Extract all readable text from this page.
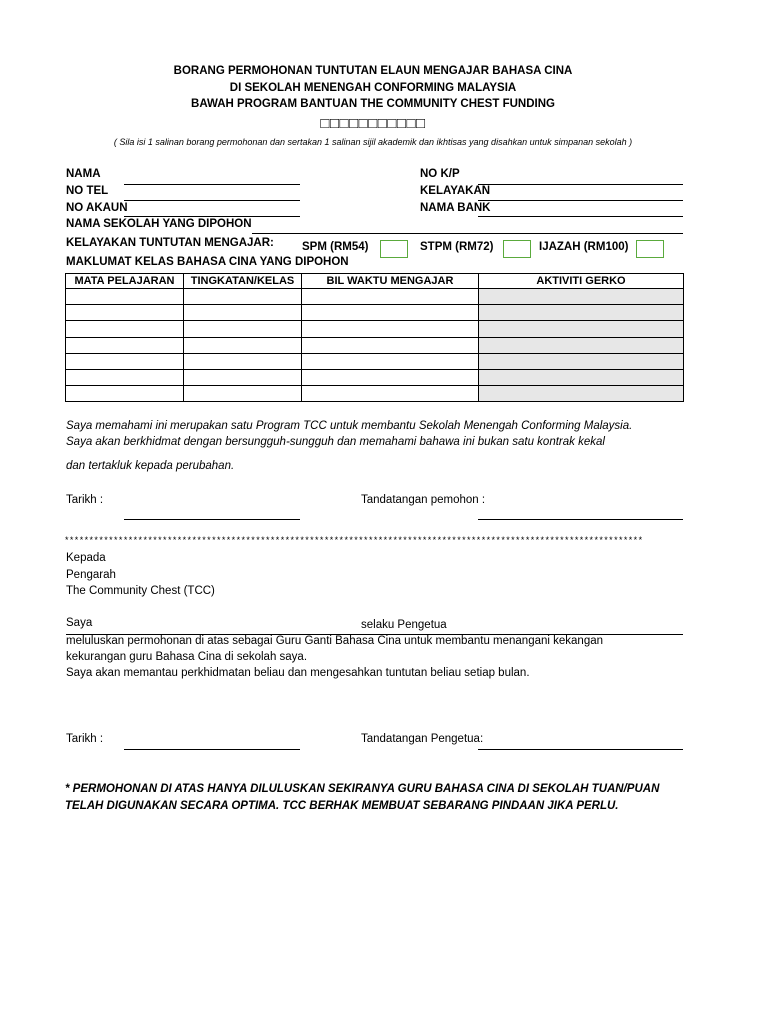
BORANG PERMOHONAN TUNTUTAN ELAUN MENGAJAR BAHASA CINA
DI SEKOLAH MENENGAH CONFORMING MALAYSIA
BAWAH PROGRAM BANTUAN THE COMMUNITY CHEST FUNDING
□□□□□□□□□□□
( Sila isi 1 salinan borang permohonan dan sertakan 1 salinan sijil akademik dan ikhtisas yang disahkan untuk simpanan sekolah )
NAMA	NO K/P
NO TEL	KELAYAKAN
NO AKAUN	NAMA BANK
NAMA SEKOLAH YANG DIPOHON
KELAYAKAN TUNTUTAN MENGAJAR: SPM (RM54)	STPM (RM72)	IJAZAH (RM100)
MAKLUMAT KELAS BAHASA CINA YANG DIPOHON
MATA PELAJARAN	TINGKATAN/KELAS	BIL WAKTU MENGAJAR	AKTIVITI GERKO

Saya memahami ini merupakan satu Program TCC untuk membantu Sekolah Menengah Conforming Malaysia.
Saya akan berkhidmat dengan bersungguh-sungguh dan memahami bahawa ini bukan satu kontrak kekal
dan tertakluk kepada perubahan.
Tarikh :	Tandatangan pemohon :
**********************************************************************************************************************
Kepada
Pengarah
The Community Chest (TCC)
Saya	selaku Pengetua
meluluskan permohonan di atas sebagai Guru Ganti Bahasa Cina untuk membantu menangani kekangan
kekurangan guru Bahasa Cina di sekolah saya.
Saya akan memantau perkhidmatan beliau dan mengesahkan tuntutan beliau setiap bulan.
Tarikh :	Tandatangan Pengetua:
* PERMOHONAN DI ATAS HANYA DILULUSKAN SEKIRANYA GURU BAHASA CINA DI SEKOLAH TUAN/PUAN
TELAH DIGUNAKAN SECARA OPTIMA. TCC BERHAK MEMBUAT SEBARANG PINDAAN JIKA PERLU.
